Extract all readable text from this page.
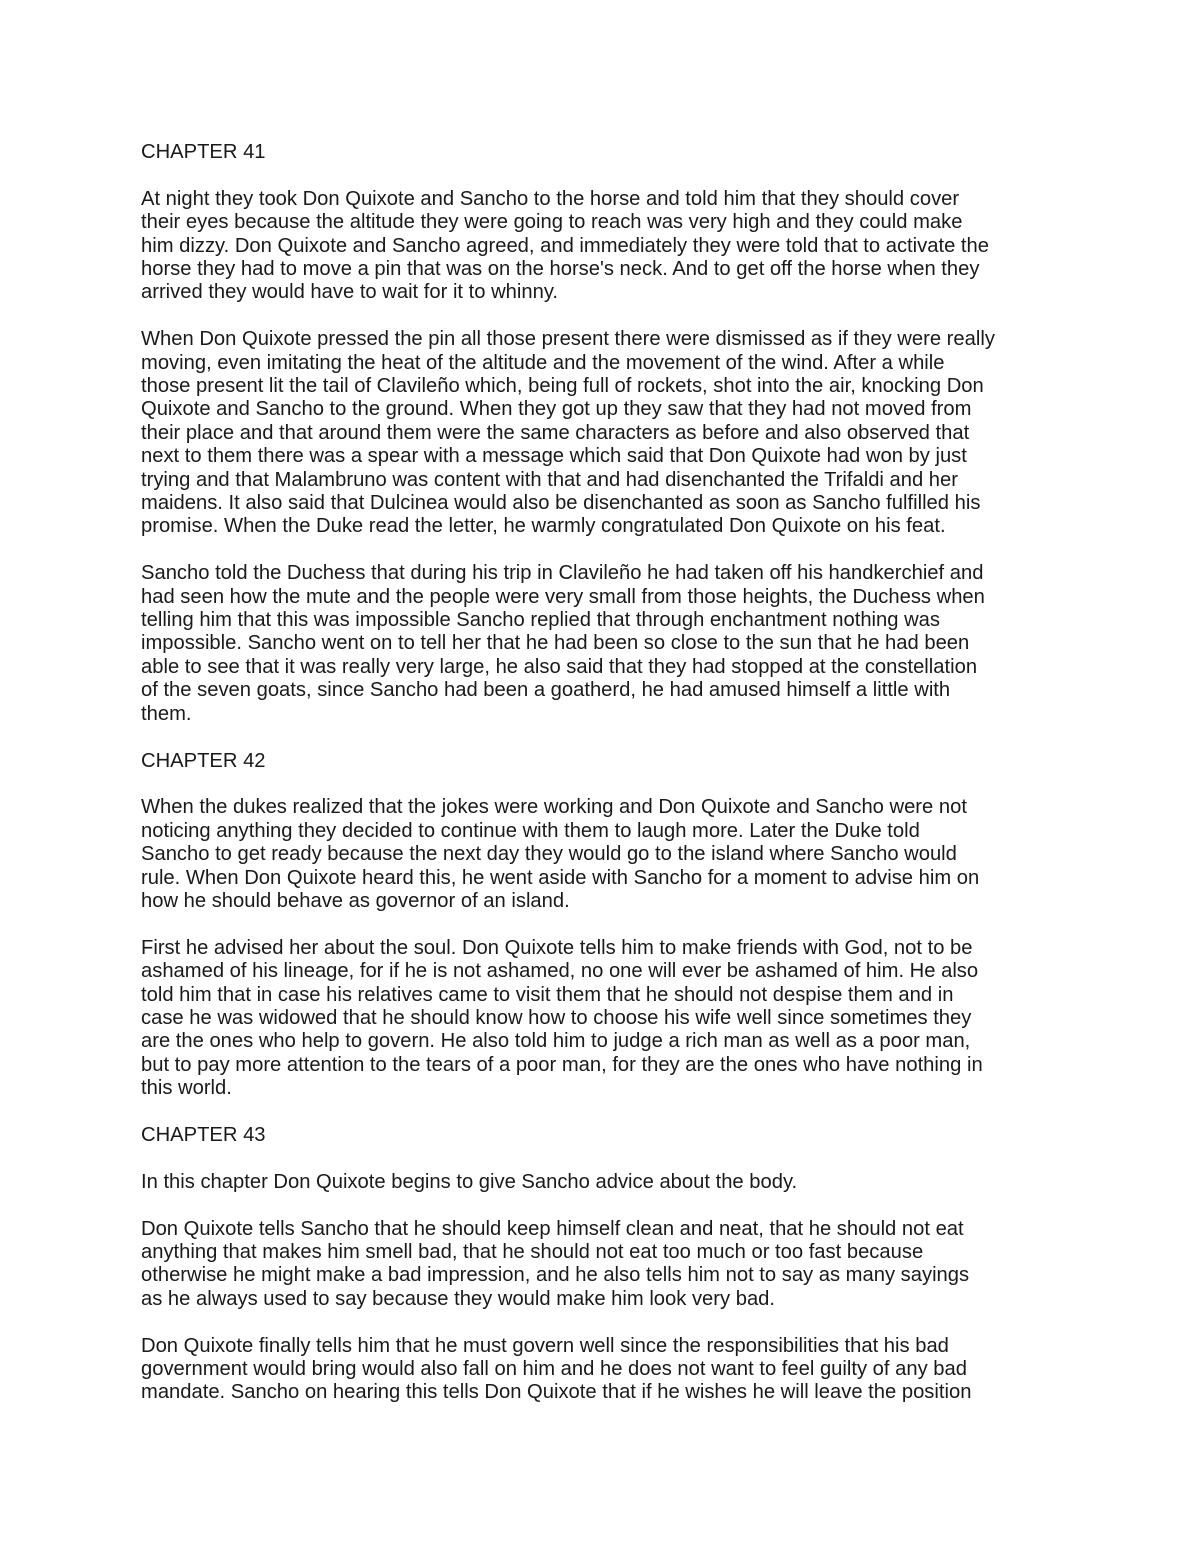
CHAPTER 41
At night they took Don Quixote and Sancho to the horse and told him that they should cover
their eyes because the altitude they were going to reach was very high and they could make
him dizzy. Don Quixote and Sancho agreed, and immediately they were told that to activate the
horse they had to move a pin that was on the horse's neck. And to get off the horse when they
arrived they would have to wait for it to whinny.
When Don Quixote pressed the pin all those present there were dismissed as if they were really
moving, even imitating the heat of the altitude and the movement of the wind. After a while
those present lit the tail of Clavileño which, being full of rockets, shot into the air, knocking Don
Quixote and Sancho to the ground. When they got up they saw that they had not moved from
their place and that around them were the same characters as before and also observed that
next to them there was a spear with a message which said that Don Quixote had won by just
trying and that Malambruno was content with that and had disenchanted the Trifaldi and her
maidens. It also said that Dulcinea would also be disenchanted as soon as Sancho fulfilled his
promise. When the Duke read the letter, he warmly congratulated Don Quixote on his feat.
Sancho told the Duchess that during his trip in Clavileño he had taken off his handkerchief and
had seen how the mute and the people were very small from those heights, the Duchess when
telling him that this was impossible Sancho replied that through enchantment nothing was
impossible. Sancho went on to tell her that he had been so close to the sun that he had been
able to see that it was really very large, he also said that they had stopped at the constellation
of the seven goats, since Sancho had been a goatherd, he had amused himself a little with
them.
CHAPTER 42
When the dukes realized that the jokes were working and Don Quixote and Sancho were not
noticing anything they decided to continue with them to laugh more. Later the Duke told
Sancho to get ready because the next day they would go to the island where Sancho would
rule. When Don Quixote heard this, he went aside with Sancho for a moment to advise him on
how he should behave as governor of an island.
First he advised her about the soul. Don Quixote tells him to make friends with God, not to be
ashamed of his lineage, for if he is not ashamed, no one will ever be ashamed of him. He also
told him that in case his relatives came to visit them that he should not despise them and in
case he was widowed that he should know how to choose his wife well since sometimes they
are the ones who help to govern. He also told him to judge a rich man as well as a poor man,
but to pay more attention to the tears of a poor man, for they are the ones who have nothing in
this world.
CHAPTER 43
In this chapter Don Quixote begins to give Sancho advice about the body.
Don Quixote tells Sancho that he should keep himself clean and neat, that he should not eat
anything that makes him smell bad, that he should not eat too much or too fast because
otherwise he might make a bad impression, and he also tells him not to say as many sayings
as he always used to say because they would make him look very bad.
Don Quixote finally tells him that he must govern well since the responsibilities that his bad
government would bring would also fall on him and he does not want to feel guilty of any bad
mandate. Sancho on hearing this tells Don Quixote that if he wishes he will leave the position
